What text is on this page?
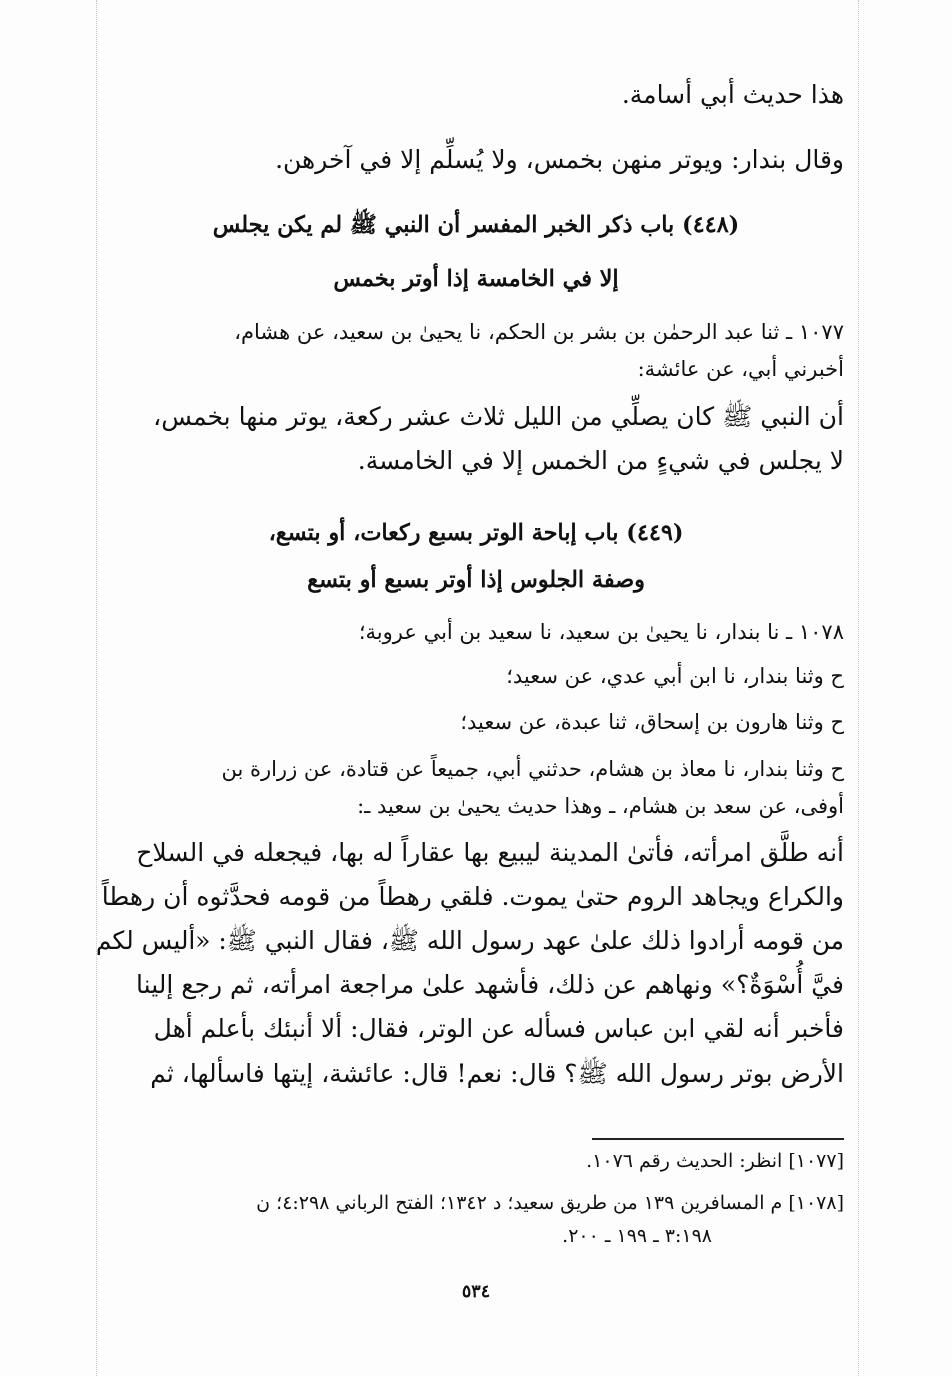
هذا حديث أبي أسامة.
وقال بندار: ويوتر منهن بخمس، ولا يُسلِّم إلا في آخرهن.
(٤٤٨) باب ذكر الخبر المفسر أن النبي ﷺ لم يكن يجلس
إلا في الخامسة إذا أوتر بخمس
١٠٧٧ ـ ثنا عبد الرحمٰن بن بشر بن الحكم، نا يحيىٰ بن سعيد، عن هشام،
أخبرني أبي، عن عائشة:
أن النبي ﷺ كان يصلِّي من الليل ثلاث عشر ركعة، يوتر منها بخمس،
لا يجلس في شيءٍ من الخمس إلا في الخامسة.
(٤٤٩) باب إباحة الوتر بسبع ركعات، أو بتسع،
وصفة الجلوس إذا أوتر بسبع أو بتسع
١٠٧٨ ـ نا بندار، نا يحيىٰ بن سعيد، نا سعيد بن أبي عروبة؛
ح وثنا بندار، نا ابن أبي عدي، عن سعيد؛
ح وثنا هارون بن إسحاق، ثنا عبدة، عن سعيد؛
ح وثنا بندار، نا معاذ بن هشام، حدثني أبي، جميعاً عن قتادة، عن زرارة بن
أوفى، عن سعد بن هشام، ـ وهذا حديث يحيىٰ بن سعيد ـ:
أنه طلَّق امرأته، فأتىٰ المدينة ليبيع بها عقاراً له بها، فيجعله في السلاح
والكراع ويجاهد الروم حتىٰ يموت. فلقي رهطاً من قومه فحدَّثوه أن رهطاً
من قومه أرادوا ذلك علىٰ عهد رسول الله ﷺ، فقال النبي ﷺ: «أليس لكم
فيَّ أُسْوَةٌ؟» ونهاهم عن ذلك، فأشهد علىٰ مراجعة امرأته، ثم رجع إلينا
فأخبر أنه لقي ابن عباس فسأله عن الوتر، فقال: ألا أنبئك بأعلم أهل
الأرض بوتر رسول الله ﷺ؟ قال: نعم! قال: عائشة، إيتها فاسألها، ثم
[١٠٧٧] انظر: الحديث رقم ١٠٧٦.
[١٠٧٨] م المسافرين ١٣٩ من طريق سعيد؛ د ١٣٤٢؛ الفتح الرباني ٤:٢٩٨؛ ن
٣:١٩٨ ـ ١٩٩ ـ ٢٠٠.
٥٣٤
